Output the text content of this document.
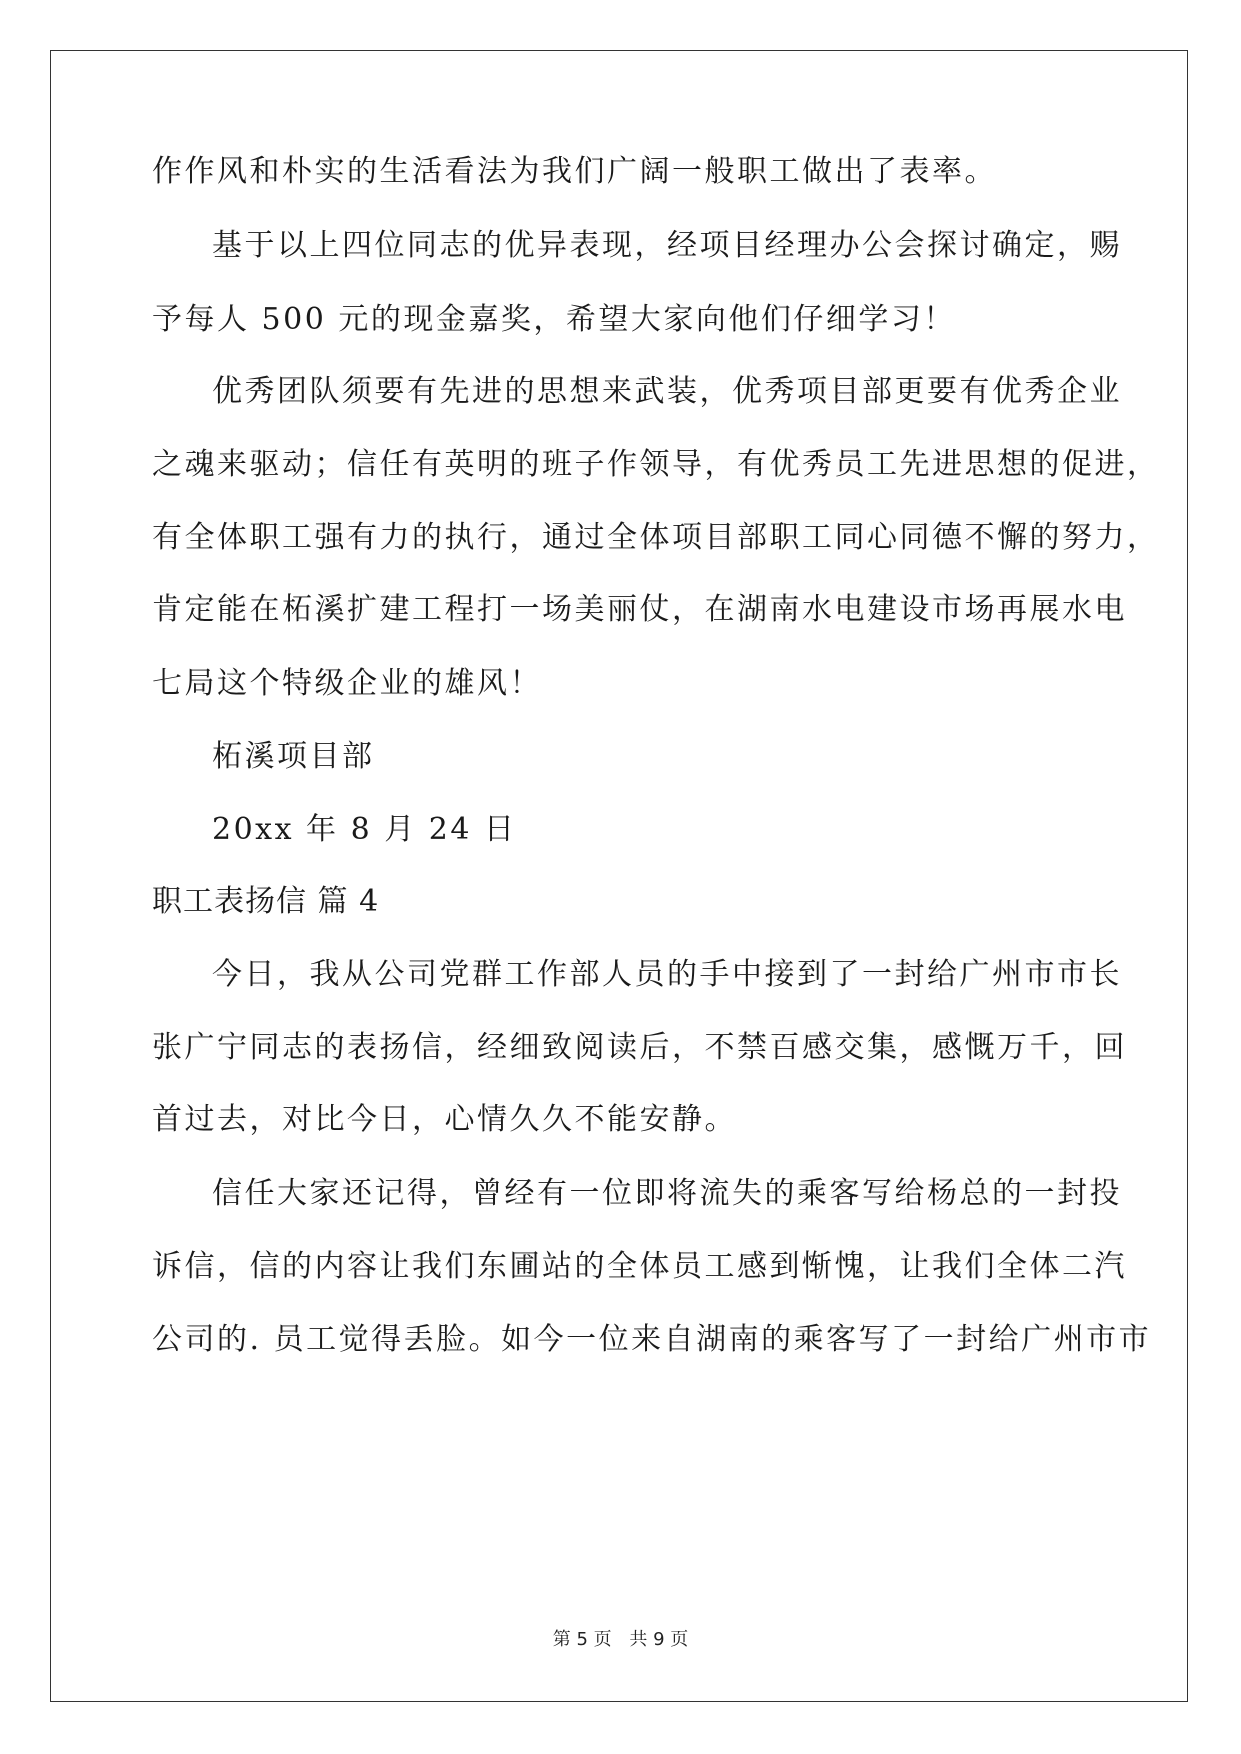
作作风和朴实的生活看法为我们广阔一般职工做出了表率。
基于以上四位同志的优异表现，经项目经理办公会探讨确定，赐
予每人 500 元的现金嘉奖，希望大家向他们仔细学习！
优秀团队须要有先进的思想来武装，优秀项目部更要有优秀企业
之魂来驱动；信任有英明的班子作领导，有优秀员工先进思想的促进，
有全体职工强有力的执行，通过全体项目部职工同心同德不懈的努力，
肯定能在柘溪扩建工程打一场美丽仗，在湖南水电建设市场再展水电
七局这个特级企业的雄风！
柘溪项目部
20xx 年 8 月 24 日
职工表扬信 篇 4
今日，我从公司党群工作部人员的手中接到了一封给广州市市长
张广宁同志的表扬信，经细致阅读后，不禁百感交集，感慨万千，回
首过去，对比今日，心情久久不能安静。
信任大家还记得，曾经有一位即将流失的乘客写给杨总的一封投
诉信，信的内容让我们东圃站的全体员工感到惭愧，让我们全体二汽
公司的. 员工觉得丢脸。如今一位来自湖南的乘客写了一封给广州市市
第 5 页 共 9 页
